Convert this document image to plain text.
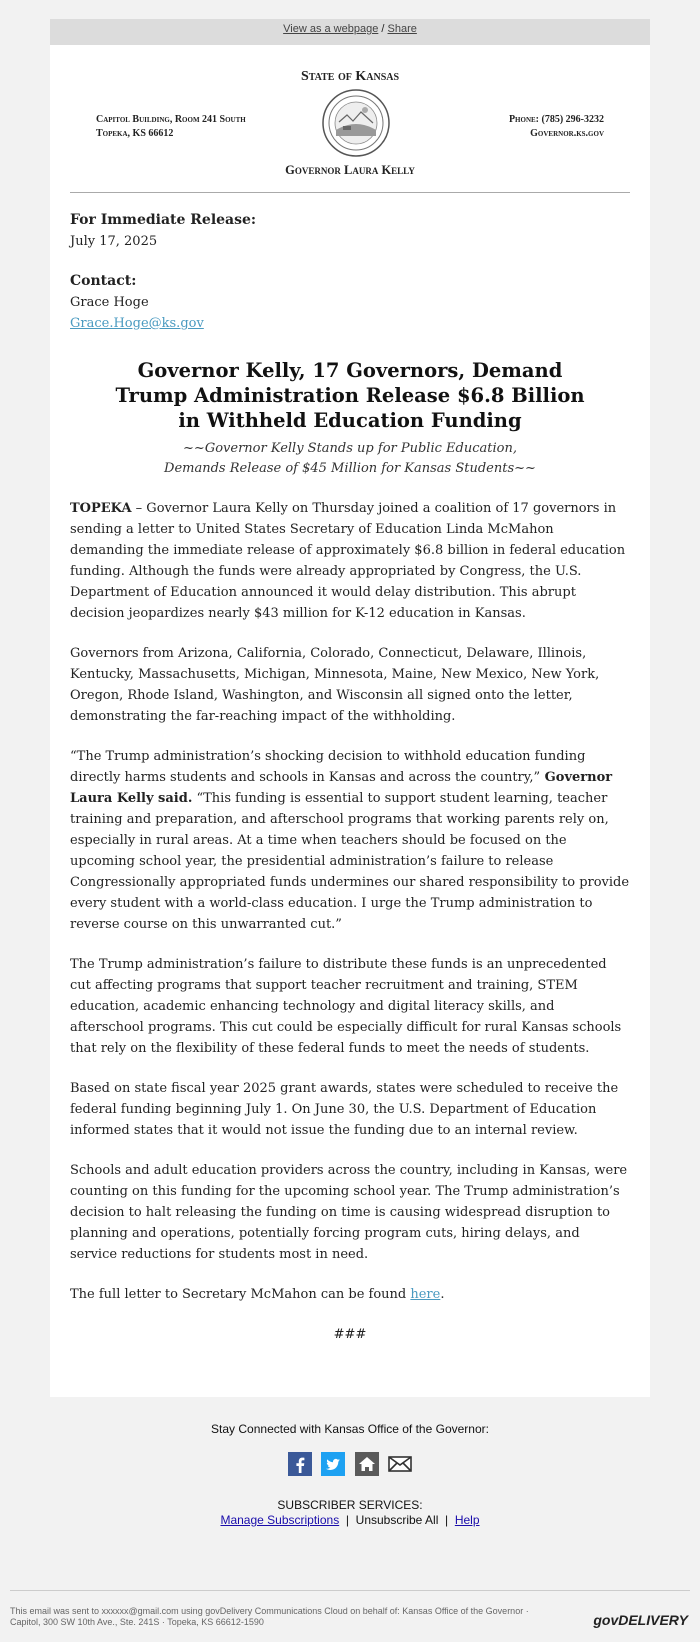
View as a webpage / Share
State of Kansas
Capitol Building, Room 241 South
Topeka, KS 66612
Phone: (785) 296-3232
Governor.ks.gov
Governor Laura Kelly

For Immediate Release:

July 17, 2025

Contact:

Grace Hoge

Grace.Hoge@ks.gov

Governor Kelly, 17 Governors, Demand
Trump Administration Release $6.8 Billion
in Withheld Education Funding

~~Governor Kelly Stands up for Public Education,

Demands Release of $45 Million for Kansas Students~~

TOPEKA – Governor Laura Kelly on Thursday joined a coalition of 17 governors in sending a letter to United States Secretary of Education Linda McMahon demanding the immediate release of approximately $6.8 billion in federal education funding. Although the funds were already appropriated by Congress, the U.S. Department of Education announced it would delay distribution. This abrupt decision jeopardizes nearly $43 million for K-12 education in Kansas.

Governors from Arizona, California, Colorado, Connecticut, Delaware, Illinois, Kentucky, Massachusetts, Michigan, Minnesota, Maine, New Mexico, New York, Oregon, Rhode Island, Washington, and Wisconsin all signed onto the letter, demonstrating the far-reaching impact of the withholding.

“The Trump administration’s shocking decision to withhold education funding directly harms students and schools in Kansas and across the country,” Governor Laura Kelly said. “This funding is essential to support student learning, teacher training and preparation, and afterschool programs that working parents rely on, especially in rural areas. At a time when teachers should be focused on the upcoming school year, the presidential administration’s failure to release Congressionally appropriated funds undermines our shared responsibility to provide every student with a world-class education. I urge the Trump administration to reverse course on this unwarranted cut.”

The Trump administration’s failure to distribute these funds is an unprecedented cut affecting programs that support teacher recruitment and training, STEM education, academic enhancing technology and digital literacy skills, and afterschool programs. This cut could be especially difficult for rural Kansas schools that rely on the flexibility of these federal funds to meet the needs of students.

Based on state fiscal year 2025 grant awards, states were scheduled to receive the federal funding beginning July 1. On June 30, the U.S. Department of Education informed states that it would not issue the funding due to an internal review.

Schools and adult education providers across the country, including in Kansas, were counting on this funding for the upcoming school year. The Trump administration’s decision to halt releasing the funding on time is causing widespread disruption to planning and operations, potentially forcing program cuts, hiring delays, and service reductions for students most in need.

The full letter to Secretary McMahon can be found here.

###

Stay Connected with Kansas Office of the Governor:

SUBSCRIBER SERVICES:
Manage Subscriptions | Unsubscribe All | Help
This email was sent to xxxxxx@gmail.com using govDelivery Communications Cloud on behalf of: Kansas Office of the Governor ·
Capitol, 300 SW 10th Ave., Ste. 241S · Topeka, KS 66612-1590	govDELIVERY
